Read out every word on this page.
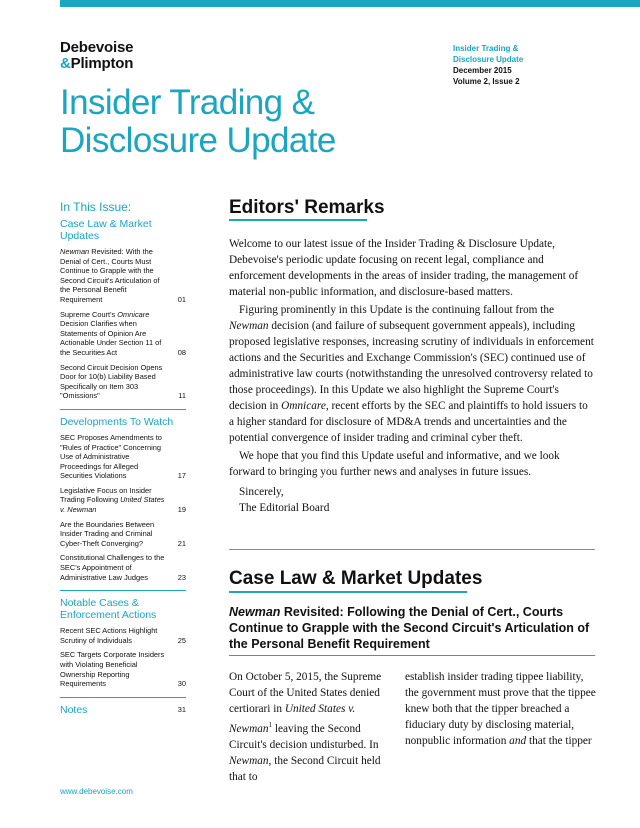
Debevoise
&Plimpton
Insider Trading &
Disclosure Update
December 2015
Volume 2, Issue 2
Insider Trading &
Disclosure Update
In This Issue:
Case Law & Market Updates
Newman Revisited: With the Denial of Cert., Courts Must Continue to Grapple with the Second Circuit's Articulation of the Personal Benefit Requirement	01
Supreme Court's Omnicare Decision Clarifies when Statements of Opinion Are Actionable Under Section 11 of the Securities Act	08
Second Circuit Decision Opens Door for 10(b) Liability Based Specifically on Item 303 "Omissions"	11
Developments To Watch
SEC Proposes Amendments to "Rules of Practice" Concerning Use of Administrative Proceedings for Alleged Securities Violations	17
Legislative Focus on Insider Trading Following United States v. Newman	19
Are the Boundaries Between Insider Trading and Criminal Cyber-Theft Converging?	21
Constitutional Challenges to the SEC's Appointment of Administrative Law Judges	23
Notable Cases & Enforcement Actions
Recent SEC Actions Highlight Scrutiny of Individuals	25
SEC Targets Corporate Insiders with Violating Beneficial Ownership Reporting Requirements	30
Notes	31
www.debevoise.com
Editors' Remarks
Welcome to our latest issue of the Insider Trading & Disclosure Update, Debevoise's periodic update focusing on recent legal, compliance and enforcement developments in the areas of insider trading, the management of material non-public information, and disclosure-based matters.
Figuring prominently in this Update is the continuing fallout from the Newman decision (and failure of subsequent government appeals), including proposed legislative responses, increasing scrutiny of individuals in enforcement actions and the Securities and Exchange Commission's (SEC) continued use of administrative law courts (notwithstanding the unresolved controversy related to those proceedings). In this Update we also highlight the Supreme Court's decision in Omnicare, recent efforts by the SEC and plaintiffs to hold issuers to a higher standard for disclosure of MD&A trends and uncertainties and the potential convergence of insider trading and criminal cyber theft.
We hope that you find this Update useful and informative, and we look forward to bringing you further news and analyses in future issues.
Sincerely,
The Editorial Board
Case Law & Market Updates
Newman Revisited: Following the Denial of Cert., Courts Continue to Grapple with the Second Circuit's Articulation of the Personal Benefit Requirement
On October 5, 2015, the Supreme Court of the United States denied certiorari in United States v. Newman$^1$ leaving the Second Circuit's decision undisturbed. In Newman, the Second Circuit held that to
establish insider trading tippee liability, the government must prove that the tippee knew both that the tipper breached a fiduciary duty by disclosing material, nonpublic information and that the tipper
